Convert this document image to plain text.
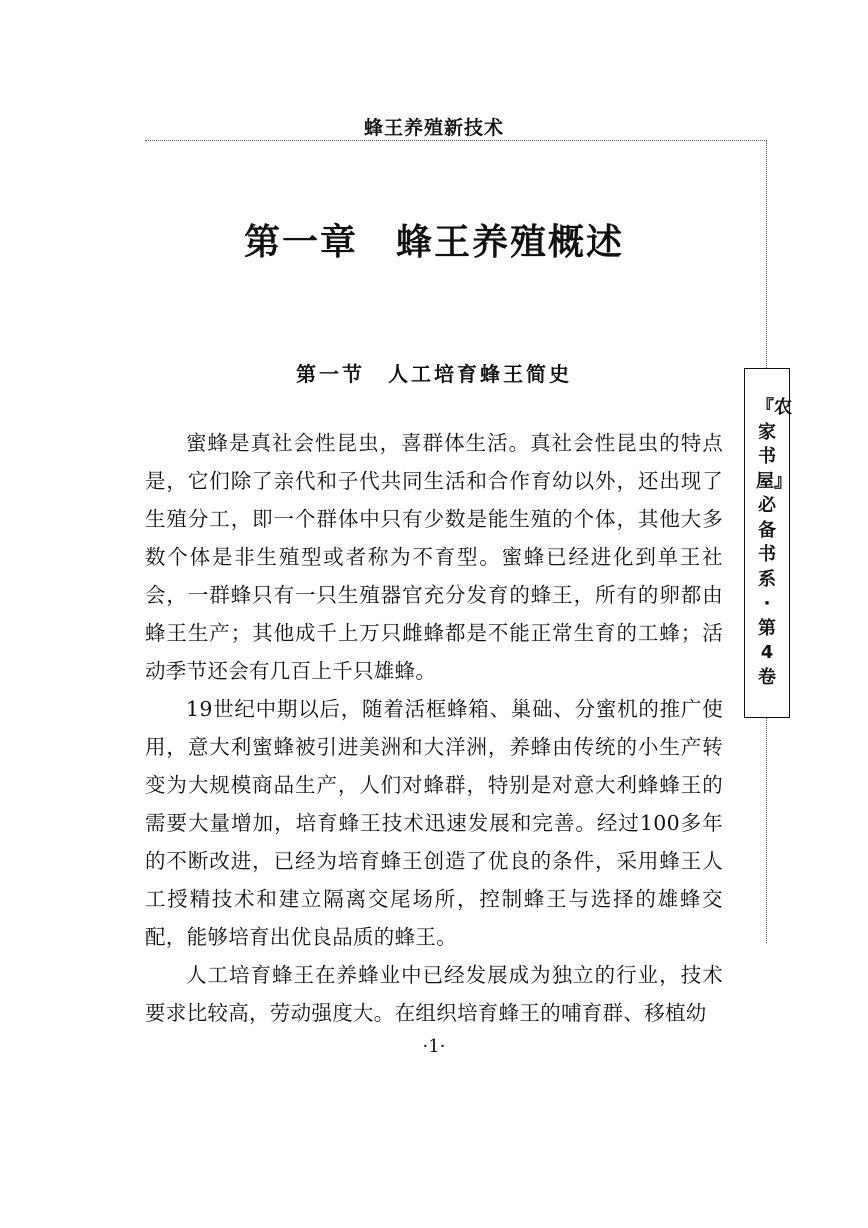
蜂王养殖新技术
『农家书屋』必备书系·第4卷
第一章　蜂王养殖概述
第一节　人工培育蜂王简史

蜜蜂是真社会性昆虫，喜群体生活。真社会性昆虫的特点是，它们除了亲代和子代共同生活和合作育幼以外，还出现了生殖分工，即一个群体中只有少数是能生殖的个体，其他大多数个体是非生殖型或者称为不育型。蜜蜂已经进化到单王社会，一群蜂只有一只生殖器官充分发育的蜂王，所有的卵都由蜂王生产；其他成千上万只雌蜂都是不能正常生育的工蜂；活动季节还会有几百上千只雄蜂。

19世纪中期以后，随着活框蜂箱、巢础、分蜜机的推广使用，意大利蜜蜂被引进美洲和大洋洲，养蜂由传统的小生产转变为大规模商品生产，人们对蜂群，特别是对意大利蜂蜂王的需要大量增加，培育蜂王技术迅速发展和完善。经过100多年的不断改进，已经为培育蜂王创造了优良的条件，采用蜂王人工授精技术和建立隔离交尾场所，控制蜂王与选择的雄蜂交配，能够培育出优良品质的蜂王。

人工培育蜂王在养蜂业中已经发展成为独立的行业，技术要求比较高，劳动强度大。在组织培育蜂王的哺育群、移植幼

·1·
